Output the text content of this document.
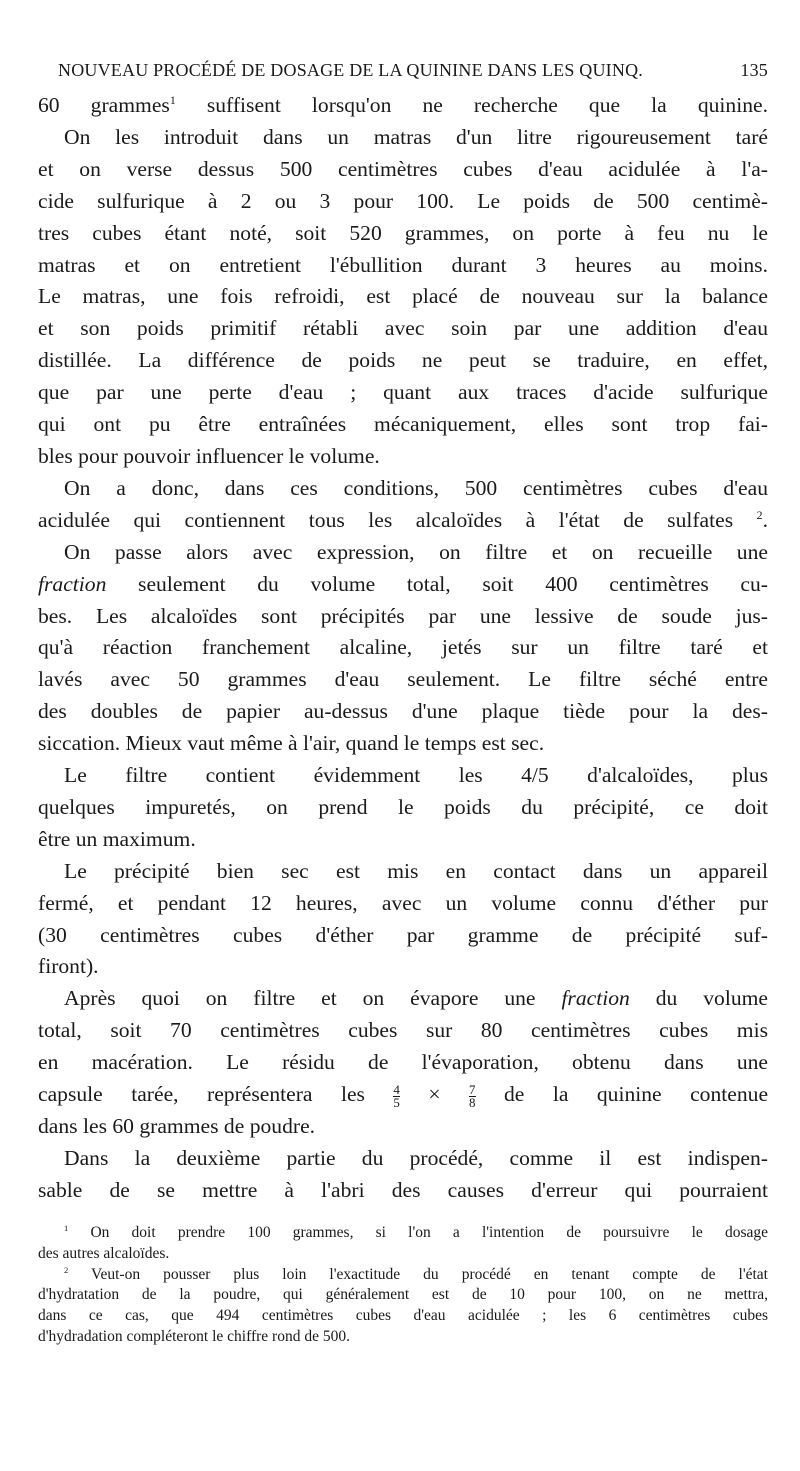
NOUVEAU PROCÉDÉ DE DOSAGE DE LA QUININE DANS LES QUINQ.	135
60 grammes$^1$ suffisent lorsqu'on ne recherche que la quinine.
On les introduit dans un matras d'un litre rigoureusement taré
et on verse dessus 500 centimètres cubes d'eau acidulée à l'a-
cide sulfurique à 2 ou 3 pour 100. Le poids de 500 centimè-
tres cubes étant noté, soit 520 grammes, on porte à feu nu le
matras et on entretient l'ébullition durant 3 heures au moins.
Le matras, une fois refroidi, est placé de nouveau sur la balance
et son poids primitif rétabli avec soin par une addition d'eau
distillée. La différence de poids ne peut se traduire, en effet,
que par une perte d'eau ; quant aux traces d'acide sulfurique
qui ont pu être entraînées mécaniquement, elles sont trop fai-
bles pour pouvoir influencer le volume.
On a donc, dans ces conditions, 500 centimètres cubes d'eau
acidulée qui contiennent tous les alcaloïdes à l'état de sulfates $^2$.
On passe alors avec expression, on filtre et on recueille une
fraction seulement du volume total, soit 400 centimètres cu-
bes. Les alcaloïdes sont précipités par une lessive de soude jus-
qu'à réaction franchement alcaline, jetés sur un filtre taré et
lavés avec 50 grammes d'eau seulement. Le filtre séché entre
des doubles de papier au-dessus d'une plaque tiède pour la des-
siccation. Mieux vaut même à l'air, quand le temps est sec.
Le filtre contient évidemment les 4/5 d'alcaloïdes, plus
quelques impuretés, on prend le poids du précipité, ce doit
être un maximum.
Le précipité bien sec est mis en contact dans un appareil
fermé, et pendant 12 heures, avec un volume connu d'éther pur
(30 centimètres cubes d'éther par gramme de précipité suf-
firont).
Après quoi on filtre et on évapore une fraction du volume
total, soit 70 centimètres cubes sur 80 centimètres cubes mis
en macération. Le résidu de l'évaporation, obtenu dans une
capsule tarée, représentera les $\frac{4}{5} \times \frac{7}{8}$ de la quinine contenue
dans les 60 grammes de poudre.
Dans la deuxième partie du procédé, comme il est indispen-
sable de se mettre à l'abri des causes d'erreur qui pourraient
$^1$ On doit prendre 100 grammes, si l'on a l'intention de poursuivre le dosage
des autres alcaloïdes.
$^2$ Veut-on pousser plus loin l'exactitude du procédé en tenant compte de l'état
d'hydratation de la poudre, qui généralement est de 10 pour 100, on ne mettra,
dans ce cas, que 494 centimètres cubes d'eau acidulée ; les 6 centimètres cubes
d'hydradation compléteront le chiffre rond de 500.
